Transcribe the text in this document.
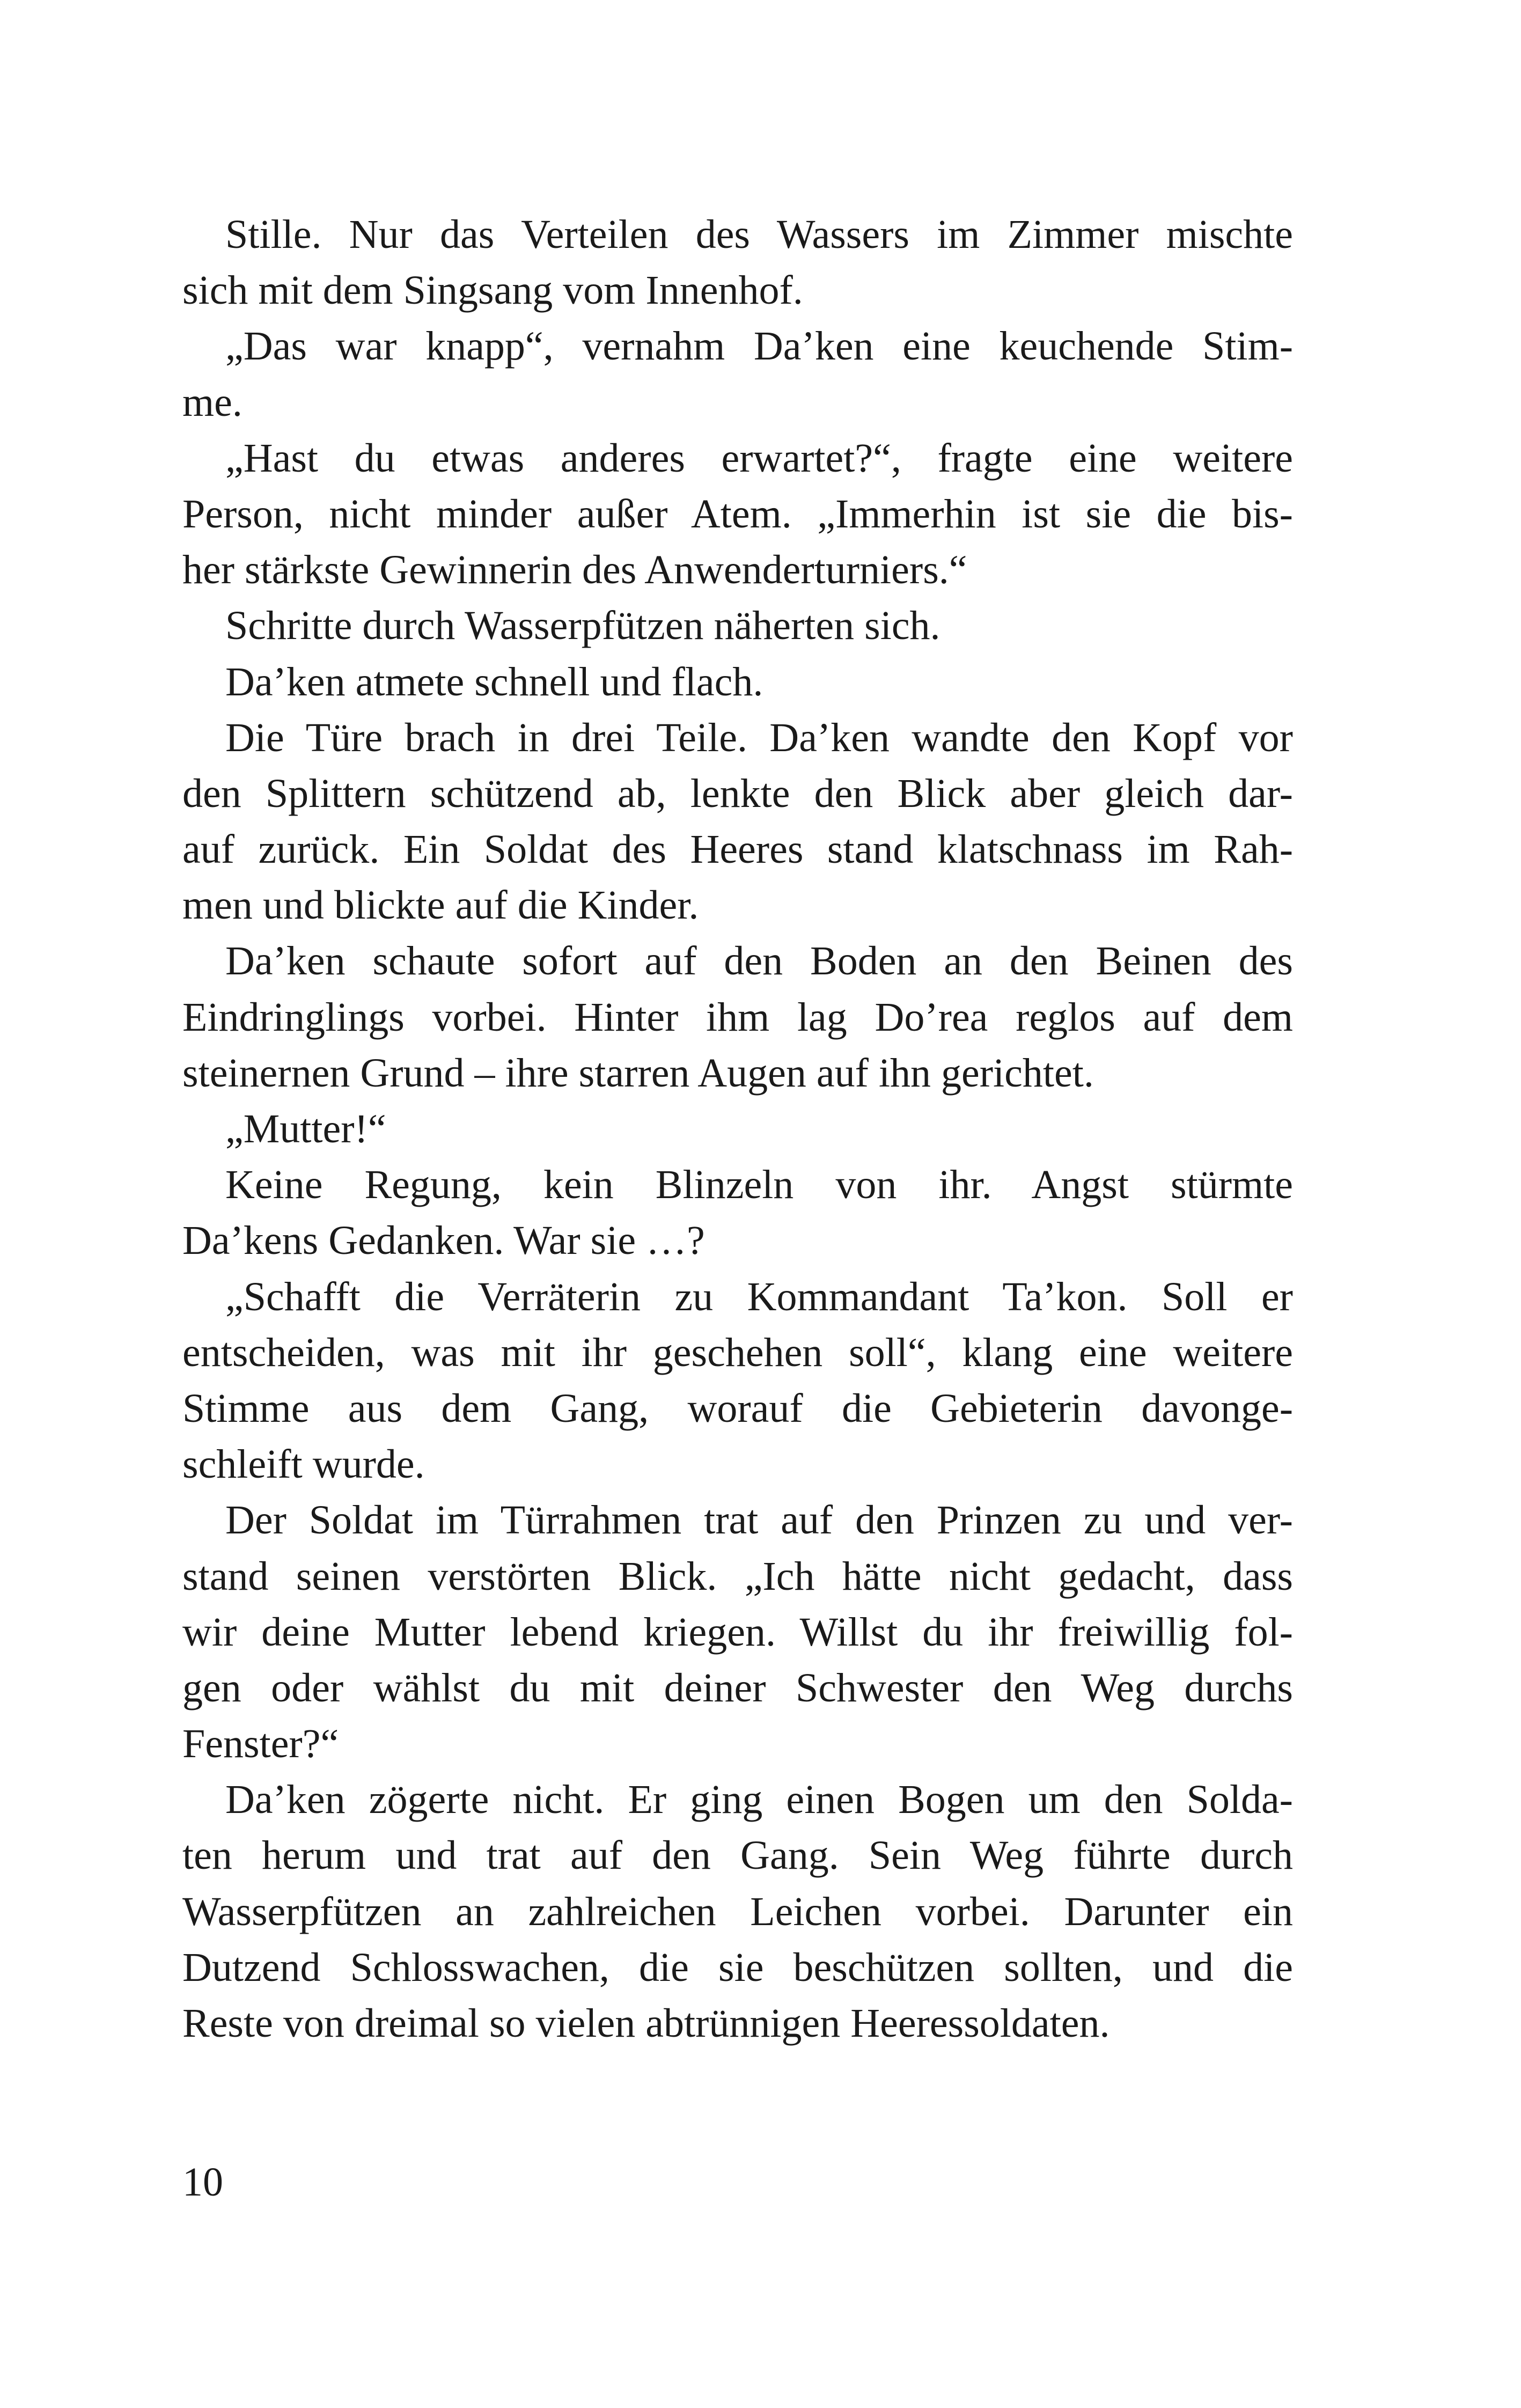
Stille. Nur das Verteilen des Wassers im Zimmer mischte
sich mit dem Singsang vom Innenhof.
„Das war knapp“, vernahm Da’ken eine keuchende Stim-
me.
„Hast du etwas anderes erwartet?“, fragte eine weitere
Person, nicht minder außer Atem. „Immerhin ist sie die bis-
her stärkste Gewinnerin des Anwenderturniers.“
Schritte durch Wasserpfützen näherten sich.
Da’ken atmete schnell und flach.
Die Türe brach in drei Teile. Da’ken wandte den Kopf vor
den Splittern schützend ab, lenkte den Blick aber gleich dar-
auf zurück. Ein Soldat des Heeres stand klatschnass im Rah-
men und blickte auf die Kinder.
Da’ken schaute sofort auf den Boden an den Beinen des
Eindringlings vorbei. Hinter ihm lag Do’rea reglos auf dem
steinernen Grund – ihre starren Augen auf ihn gerichtet.
„Mutter!“
Keine Regung, kein Blinzeln von ihr. Angst stürmte
Da’kens Gedanken. War sie …?
„Schafft die Verräterin zu Kommandant Ta’kon. Soll er
entscheiden, was mit ihr geschehen soll“, klang eine weitere
Stimme aus dem Gang, worauf die Gebieterin davonge-
schleift wurde.
Der Soldat im Türrahmen trat auf den Prinzen zu und ver-
stand seinen verstörten Blick. „Ich hätte nicht gedacht, dass
wir deine Mutter lebend kriegen. Willst du ihr freiwillig fol-
gen oder wählst du mit deiner Schwester den Weg durchs
Fenster?“
Da’ken zögerte nicht. Er ging einen Bogen um den Solda-
ten herum und trat auf den Gang. Sein Weg führte durch
Wasserpfützen an zahlreichen Leichen vorbei. Darunter ein
Dutzend Schlosswachen, die sie beschützen sollten, und die
Reste von dreimal so vielen abtrünnigen Heeressoldaten.
10
